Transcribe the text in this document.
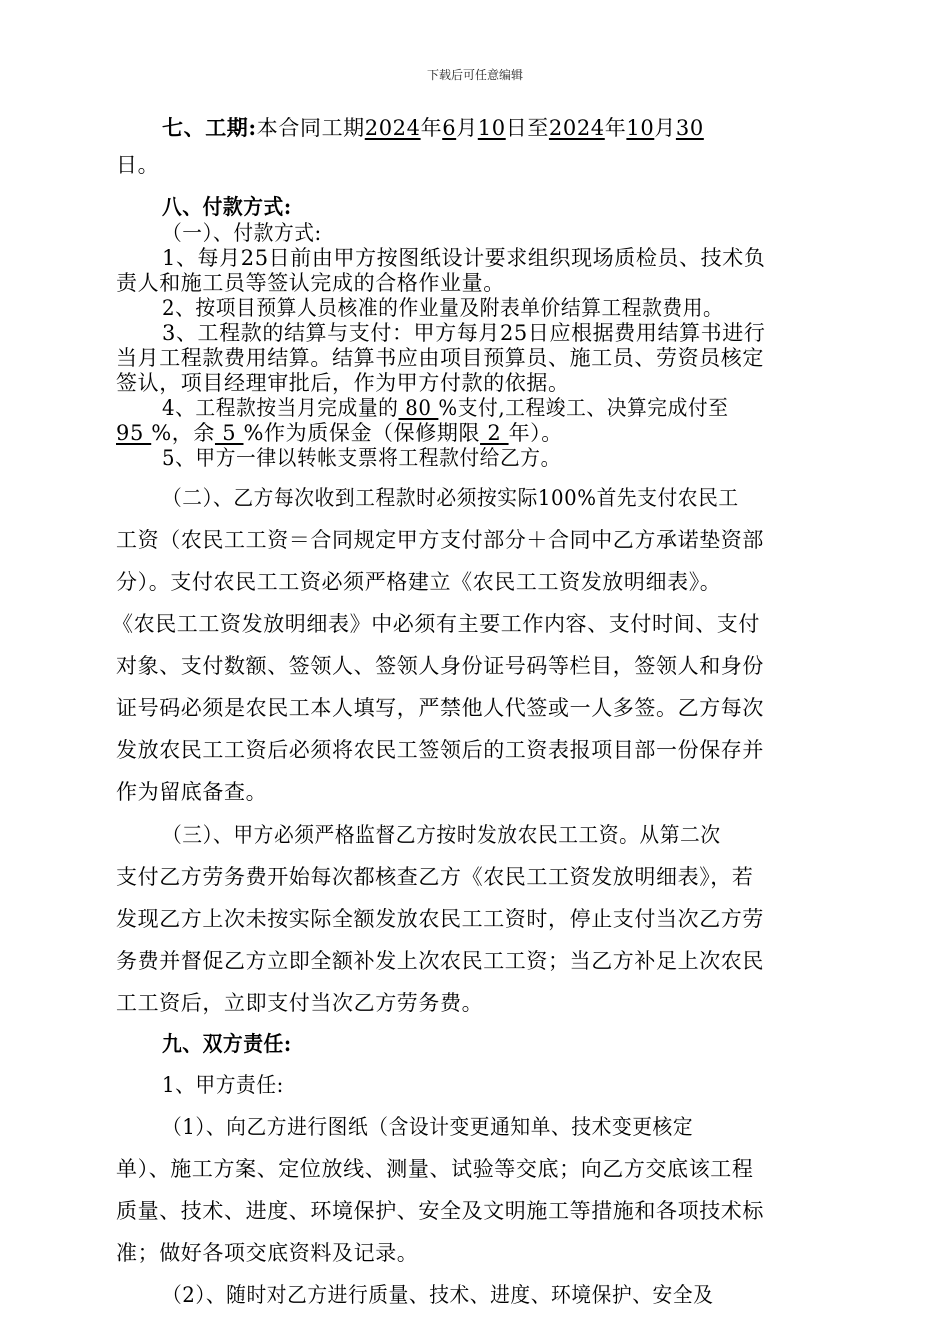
下载后可任意编辑
七、工期:本合同工期2024年6月10日至2024年10月30
日。
八、付款方式:
（一）、付款方式:
1、每月25日前由甲方按图纸设计要求组织现场质检员、技术负
责人和施工员等签认完成的合格作业量。
2、按项目预算人员核准的作业量及附表单价结算工程款费用。
3、工程款的结算与支付：甲方每月25日应根据费用结算书进行
当月工程款费用结算。结算书应由项目预算员、施工员、劳资员核定
签认，项目经理审批后，作为甲方付款的依据。
4、工程款按当月完成量的 80 %支付,工程竣工、决算完成付至
95 %，余 5 %作为质保金（保修期限 2 年）。
5、甲方一律以转帐支票将工程款付给乙方。
（二）、乙方每次收到工程款时必须按实际100%首先支付农民工
工资（农民工工资＝合同规定甲方支付部分＋合同中乙方承诺垫资部
分）。支付农民工工资必须严格建立《农民工工资发放明细表》。
《农民工工资发放明细表》中必须有主要工作内容、支付时间、支付
对象、支付数额、签领人、签领人身份证号码等栏目，签领人和身份
证号码必须是农民工本人填写，严禁他人代签或一人多签。乙方每次
发放农民工工资后必须将农民工签领后的工资表报项目部一份保存并
作为留底备查。
（三）、甲方必须严格监督乙方按时发放农民工工资。从第二次
支付乙方劳务费开始每次都核查乙方《农民工工资发放明细表》，若
发现乙方上次未按实际全额发放农民工工资时，停止支付当次乙方劳
务费并督促乙方立即全额补发上次农民工工资；当乙方补足上次农民
工工资后，立即支付当次乙方劳务费。
九、双方责任:
1、甲方责任:
（1）、向乙方进行图纸（含设计变更通知单、技术变更核定
单）、施工方案、定位放线、测量、试验等交底；向乙方交底该工程
质量、技术、进度、环境保护、安全及文明施工等措施和各项技术标
准；做好各项交底资料及记录。
（2）、随时对乙方进行质量、技术、进度、环境保护、安全及
